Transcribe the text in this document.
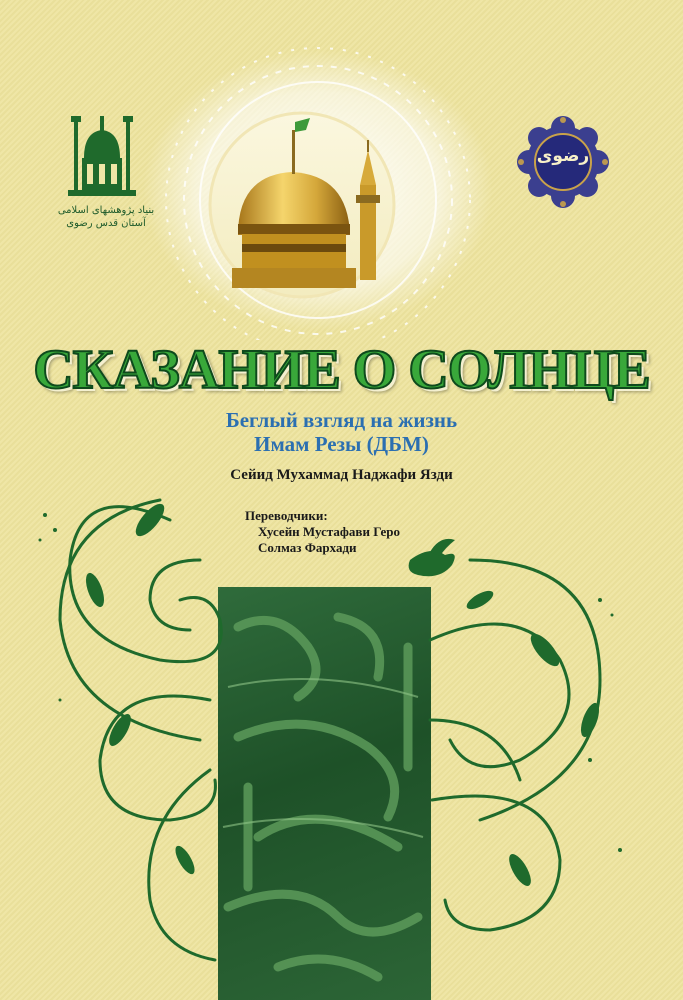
بنیاد پژوهشهای اسلامی
آستان قدس رضوی
رضوی
СКАЗАНИЕ О СОЛНЦЕ
Беглый взгляд на жизнь
Имам Резы (ДБМ)
Сейид Мухаммад Наджафи Язди
Переводчики:
Хусейн Мустафави Геро
Солмаз Фархади
